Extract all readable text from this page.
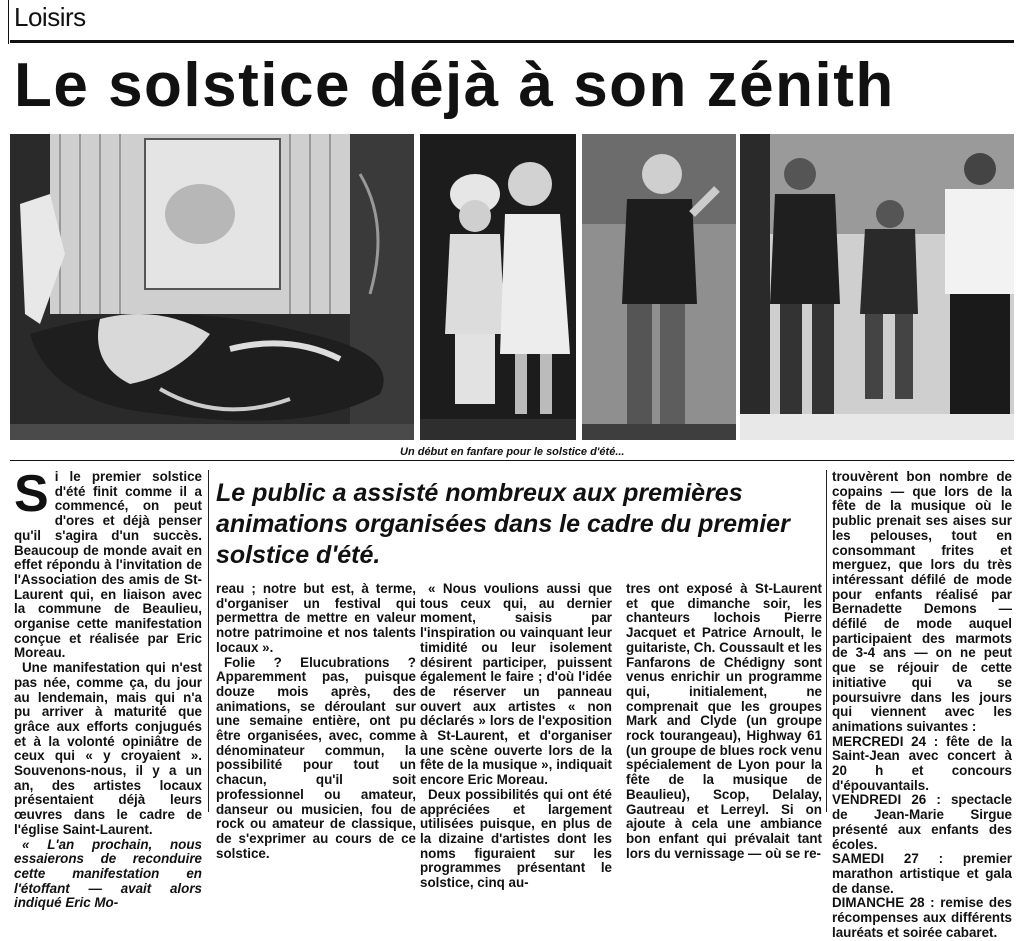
Loisirs
Le solstice déjà à son zénith
Un début en fanfare pour le solstice d'été...
Le public a assisté nombreux aux premières animations organisées dans le cadre du premier solstice d'été.

Si le premier solstice d'été finit comme il a commencé, on peut d'ores et déjà penser qu'il s'agira d'un succès. Beaucoup de monde avait en effet répondu à l'invitation de l'Association des amis de St-Laurent qui, en liaison avec la commune de Beaulieu, organise cette manifestation conçue et réalisée par Eric Moreau.

Une manifestation qui n'est pas née, comme ça, du jour au lendemain, mais qui n'a pu arriver à maturité que grâce aux efforts conjugués et à la volonté opiniâtre de ceux qui « y croyaient ». Souvenons-nous, il y a un an, des artistes locaux présentaient déjà leurs œuvres dans le cadre de l'église Saint-Laurent.

« L'an prochain, nous essaierons de reconduire cette manifestation en l'étoffant — avait alors indiqué Eric Mo-

reau ; notre but est, à terme, d'organiser un festival qui permettra de mettre en valeur notre patrimoine et nos talents locaux ».

Folie ? Elucubrations ? Apparemment pas, puisque douze mois après, des animations, se déroulant sur une semaine entière, ont pu être organisées, avec, comme dénominateur commun, la possibilité pour tout un chacun, qu'il soit professionnel ou amateur, danseur ou musicien, fou de rock ou amateur de classique, de s'exprimer au cours de ce solstice.

« Nous voulions aussi que tous ceux qui, au dernier moment, saisis par l'inspiration ou vainquant leur timidité ou leur isolement désirent participer, puissent également le faire ; d'où l'idée de réserver un panneau ouvert aux artistes « non déclarés » lors de l'exposition à St-Laurent, et d'organiser une scène ouverte lors de la fête de la musique », indiquait encore Eric Moreau.

Deux possibilités qui ont été appréciées et largement utilisées puisque, en plus de la dizaine d'artistes dont les noms figuraient sur les programmes présentant le solstice, cinq au-

tres ont exposé à St-Laurent et que dimanche soir, les chanteurs lochois Pierre Jacquet et Patrice Arnoult, le guitariste, Ch. Coussault et les Fanfarons de Chédigny sont venus enrichir un programme qui, initialement, ne comprenait que les groupes Mark and Clyde (un groupe rock tourangeau), Highway 61 (un groupe de blues rock venu spécialement de Lyon pour la fête de la musique de Beaulieu), Scop, Delalay, Gautreau et Lerreyl. Si on ajoute à cela une ambiance bon enfant qui prévalait tant lors du vernissage — où se re-

trouvèrent bon nombre de copains — que lors de la fête de la musique où le public prenait ses aises sur les pelouses, tout en consommant frites et merguez, que lors du très intéressant défilé de mode pour enfants réalisé par Bernadette Demons — défilé de mode auquel participaient des marmots de 3-4 ans — on ne peut que se réjouir de cette initiative qui va se poursuivre dans les jours qui viennent avec les animations suivantes :

MERCREDI 24 : fête de la Saint-Jean avec concert à 20 h et concours d'épouvantails.

VENDREDI 26 : spectacle de Jean-Marie Sirgue présenté aux enfants des écoles.

SAMEDI 27 : premier marathon artistique et gala de danse.

DIMANCHE 28 : remise des récompenses aux différents lauréats et soirée cabaret.
